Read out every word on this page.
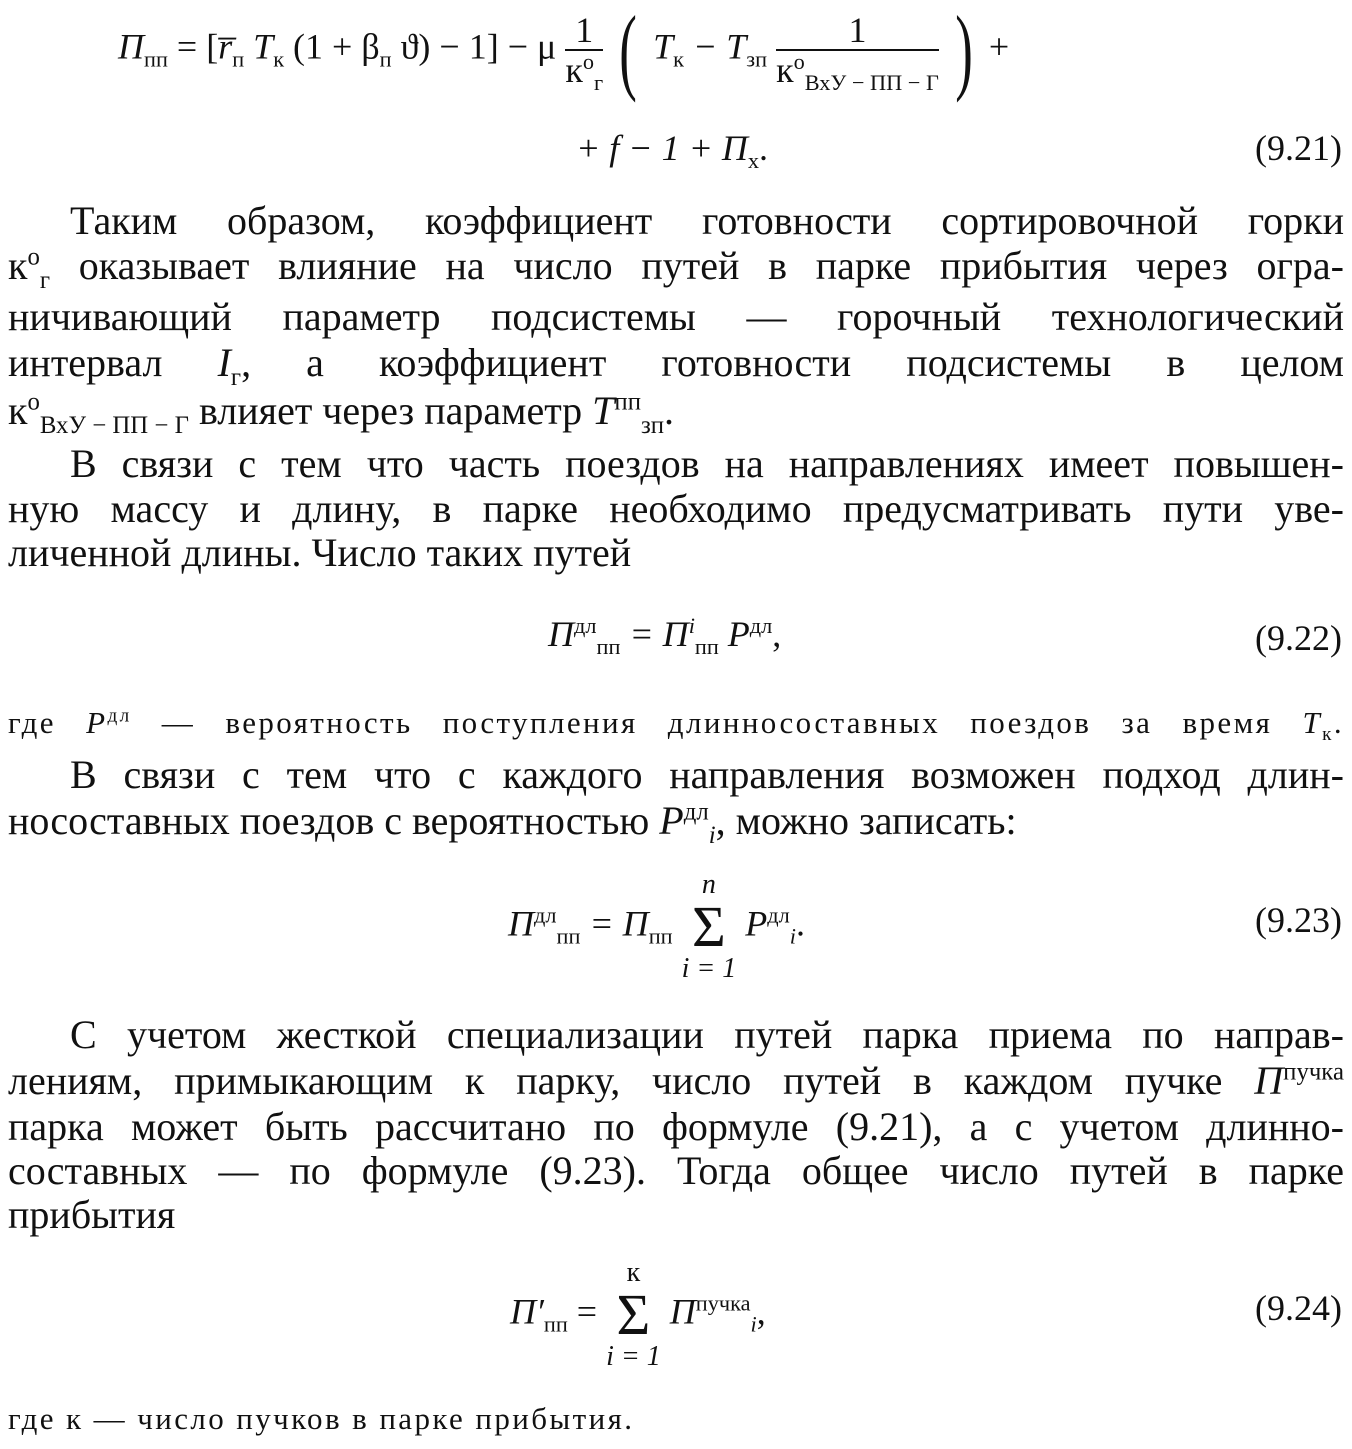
$П_{пп}$ = [$r̅_п$ $T_к$ ($1 + \beta_п$ ϑ) − 1] − μ $\frac{1}{к^о_г}$ ( $T_к - T_{зп} \frac{1}{к^о_{ВхУ - ПП - Г}}$ ) +
+ $f - 1 + П_х$.	(9.21)
Таким образом, коэффициент готовности сортировочной горки
$к^о_г$ оказывает влияние на число путей в парке прибытия через огра-
ничивающий параметр подсистемы — горочный технологический
интервал $I_г$, а коэффициент готовности подсистемы в целом
$к^о_{ВхУ - ПП - Г}$ влияет через параметр $T^{пп}_{зп}$.
В связи с тем что часть поездов на направлениях имеет повышен-
ную массу и длину, в парке необходимо предусматривать пути уве-
личенной длины. Число таких путей
$П^{дл}_{пп} = П^i_{пп}$ $P^{дл}$,	(9.22)
где $P^{дл}$ — вероятность поступления длинносоставных поездов за время $T_к$.
В связи с тем что с каждого направления возможен подход длин-
носоставных поездов с вероятностью $P^{дл}_i$, можно записать:
$П^{дл}_{пп} = П_{пп}$
n
Σ
i = 1
$P^{дл}_i$.	(9.23)
С учетом жесткой специализации путей парка приема по направ-
лениям, примыкающим к парку, число путей в каждом пучке $П^{пучка}$
парка может быть рассчитано по формуле (9.21), а с учетом длинно-
составных — по формуле (9.23). Тогда общее число путей в парке
прибытия
$П'_{пп}$ =
к
Σ
i = 1
$П^{пучка}_i$,	(9.24)
где к — число пучков в парке прибытия.
